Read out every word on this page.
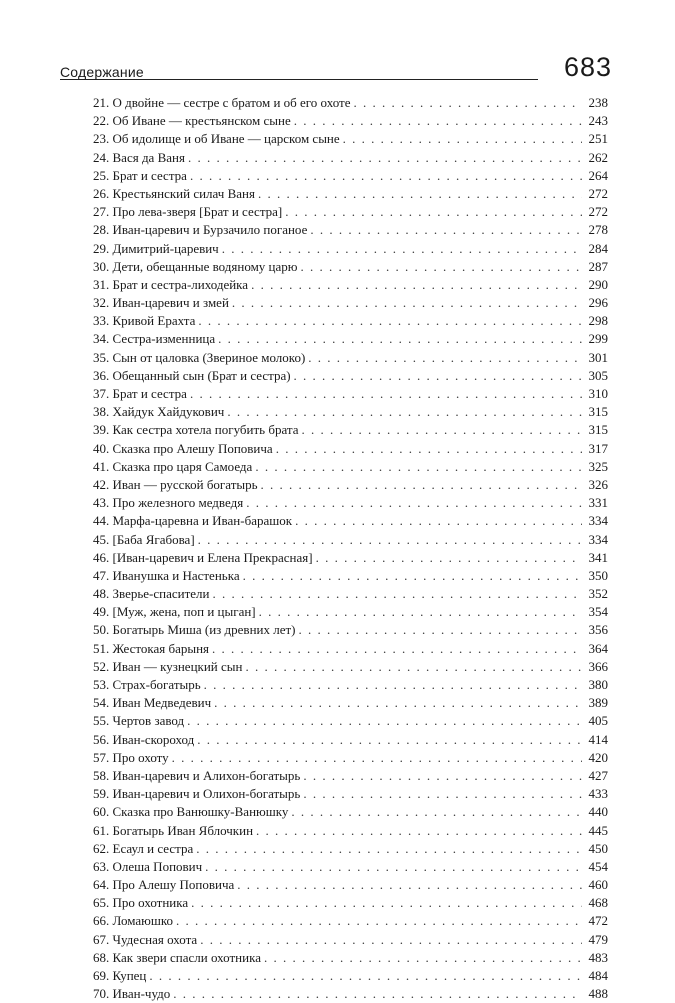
Содержание	683
21. О двойне — сестре с братом и об его охоте . . .	238
22. Об Иване — крестьянском сыне . . .	243
23. Об идолище и об Иване — царском сыне . . .	251
24. Вася да Ваня . . .	262
25. Брат и сестра . . .	264
26. Крестьянский силач Ваня . . .	272
27. Про лева-зверя [Брат и сестра] . . .	272
28. Иван-царевич и Бурзачило поганое . . .	278
29. Димитрий-царевич . . .	284
30. Дети, обещанные водяному царю . . .	287
31. Брат и сестра-лиходейка . . .	290
32. Иван-царевич и змей . . .	296
33. Кривой Ерахта . . .	298
34. Сестра-изменница . . .	299
35. Сын от цаловка (Звериное молоко) . . .	301
36. Обещанный сын (Брат и сестра) . . .	305
37. Брат и сестра . . .	310
38. Хайдук Хайдукович . . .	315
39. Как сестра хотела погубить брата . . .	315
40. Сказка про Алешу Поповича . . .	317
41. Сказка про царя Самоеда . . .	325
42. Иван — русской богатырь . . .	326
43. Про железного медведя . . .	331
44. Марфа-царевна и Иван-барашок . . .	334
45. [Баба Ягабова] . . .	334
46. [Иван-царевич и Елена Прекрасная] . . .	341
47. Иванушка и Настенька . . .	350
48. Зверье-спасители . . .	352
49. [Муж, жена, поп и цыган] . . .	354
50. Богатырь Миша (из древних лет) . . .	356
51. Жестокая барыня . . .	364
52. Иван — кузнецкий сын . . .	366
53. Страх-богатырь . . .	380
54. Иван Медведевич . . .	389
55. Чертов завод . . .	405
56. Иван-скороход . . .	414
57. Про охоту . . .	420
58. Иван-царевич и Алихон-богатырь . . .	427
59. Иван-царевич и Олихон-богатырь . . .	433
60. Сказка про Ванюшку-Ванюшку . . .	440
61. Богатырь Иван Яблочкин . . .	445
62. Есаул и сестра . . .	450
63. Олеша Попович . . .	454
64. Про Алешу Поповича . . .	460
65. Про охотника . . .	468
66. Ломаюшко . . .	472
67. Чудесная охота . . .	479
68. Как звери спасли охотника . . .	483
69. Купец . . .	484
70. Иван-чудо . . .	488
